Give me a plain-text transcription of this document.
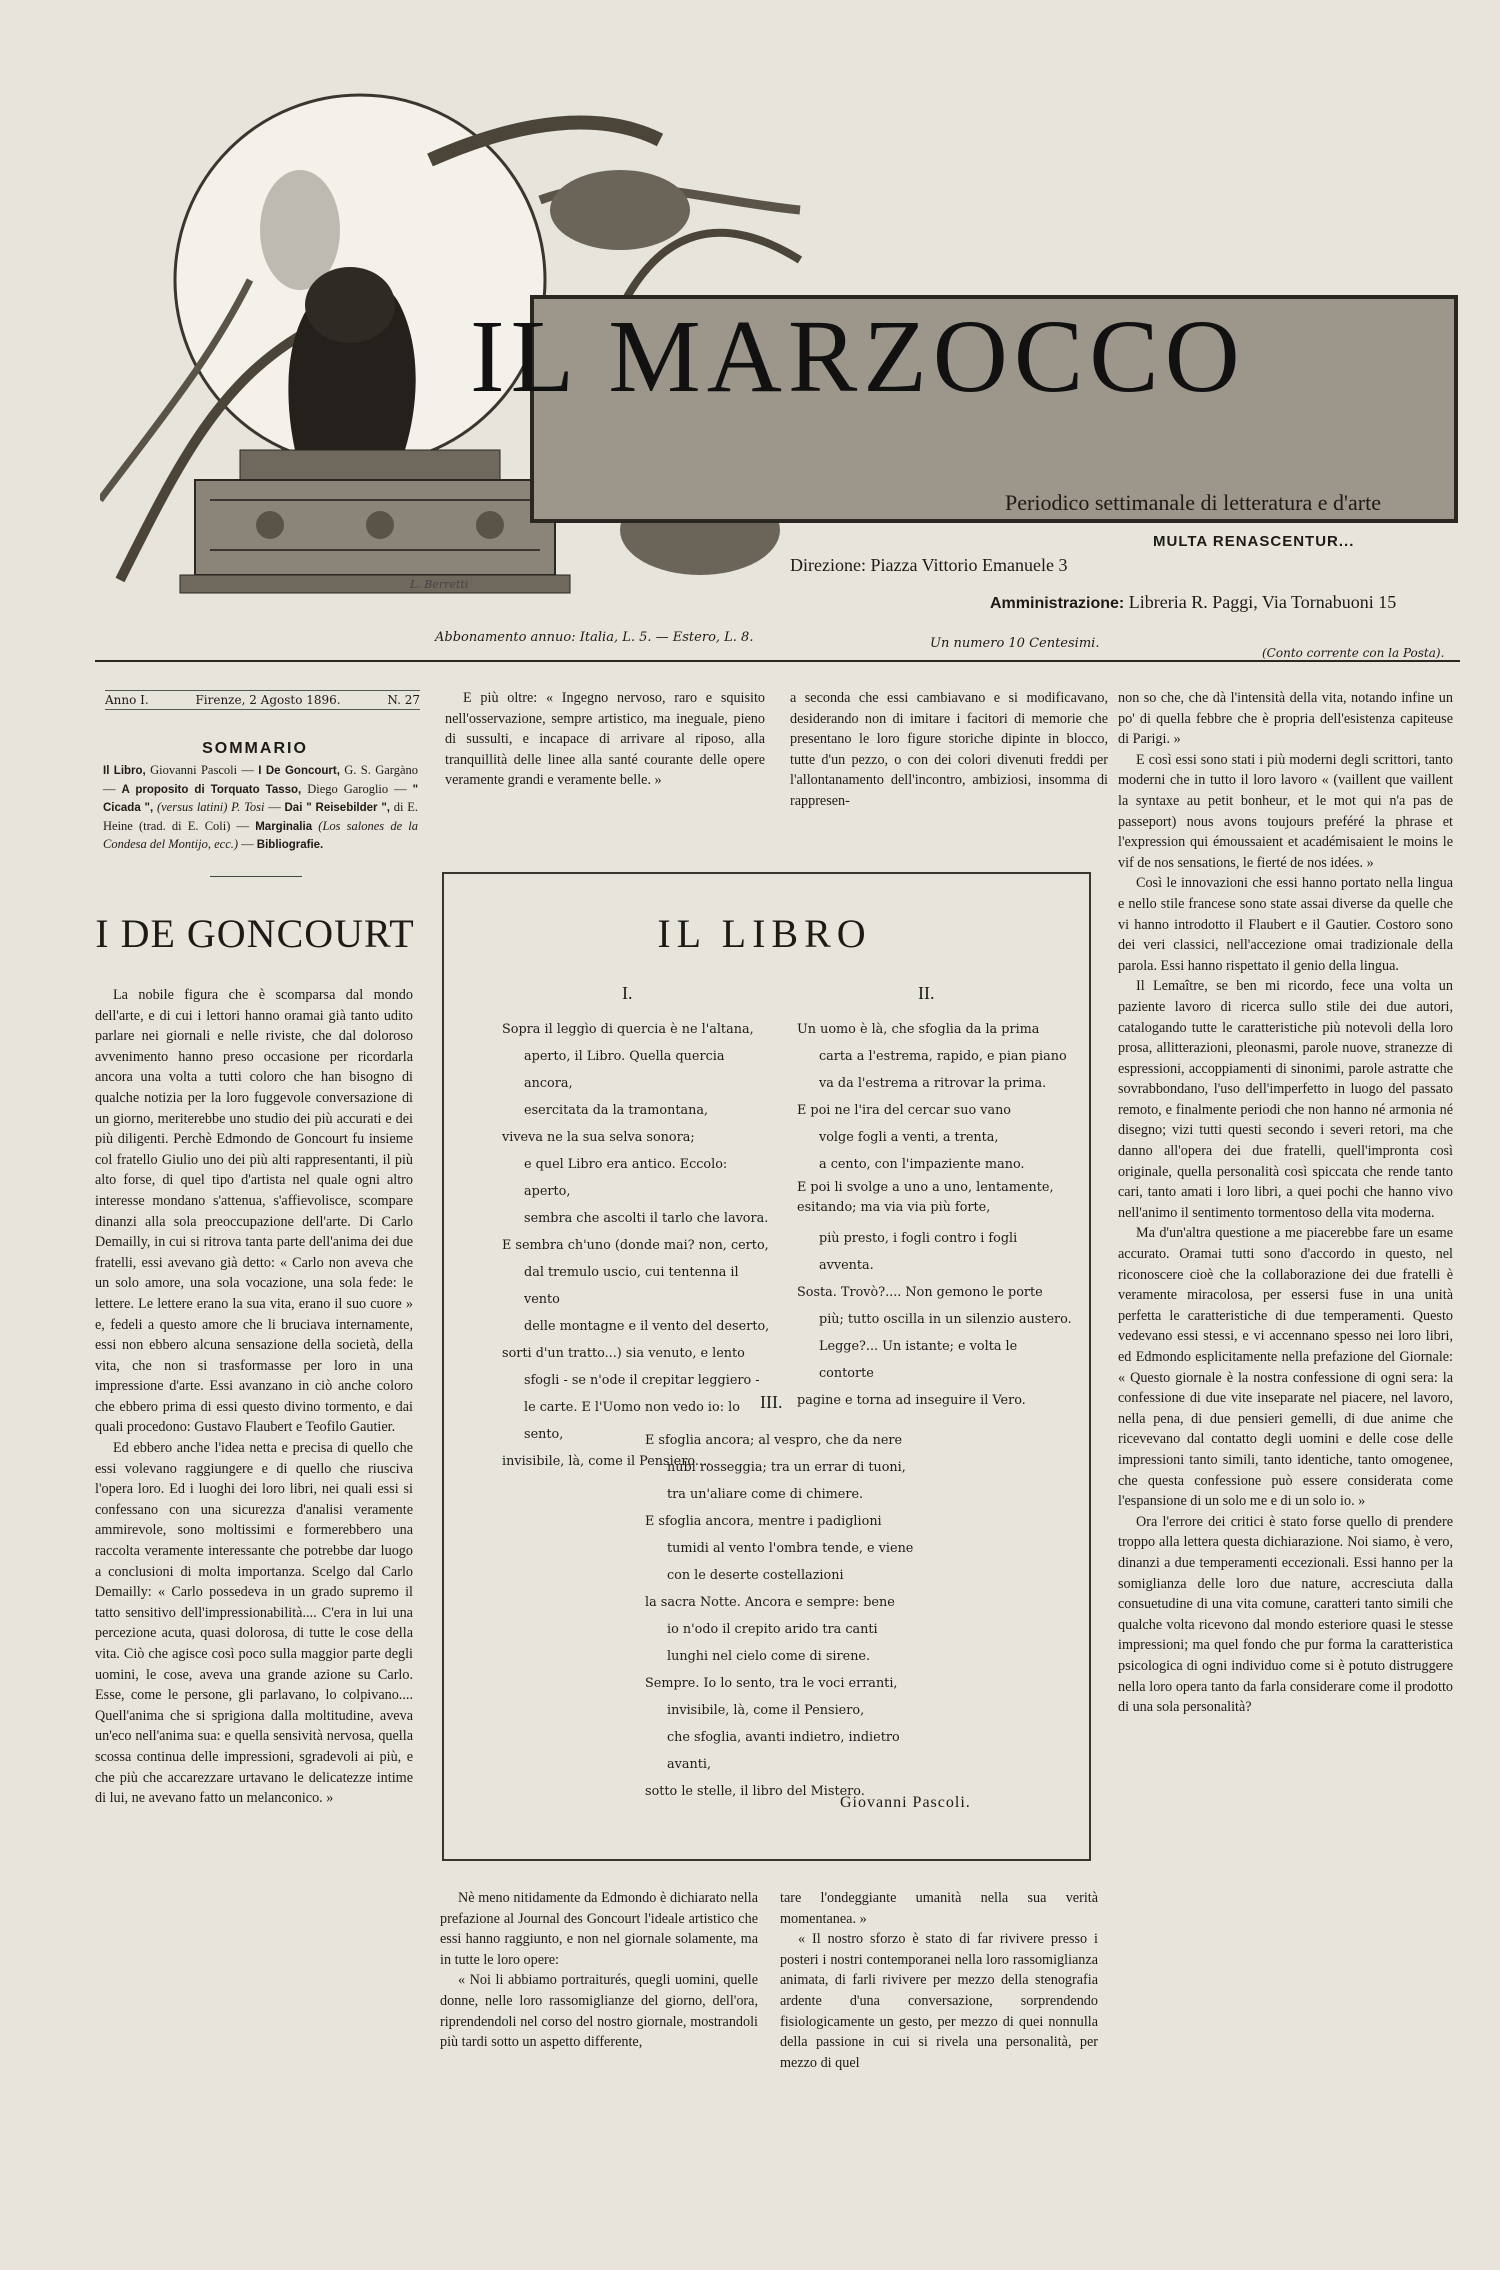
IL MARZOCCO
Periodico settimanale di letteratura e d'arte
MULTA RENASCENTUR...
Direzione: Piazza Vittorio Emanuele 3
Amministrazione: Libreria R. Paggi, Via Tornabuoni 15
L. Berretti
Abbonamento annuo: Italia, L. 5. — Estero, L. 8.	Un numero 10 Centesimi.
(Conto corrente con la Posta).
Anno I.	Firenze, 2 Agosto 1896.	N. 27
SOMMARIO
Il Libro, Giovanni Pascoli — I De Goncourt, G. S. Gargàno — A proposito di Torquato Tasso, Diego Garoglio — " Cicada ", (versus latini) P. Tosi — Dai " Reisebilder ", di E. Heine (trad. di E. Coli) — Marginalia (Los salones de la Condesa del Montijo, ecc.) — Bibliografie.
I DE GONCOURT

La nobile figura che è scomparsa dal mondo dell'arte, e di cui i lettori hanno oramai già tanto udito parlare nei giornali e nelle riviste, che dal doloroso avvenimento hanno preso occasione per ricordarla ancora una volta a tutti coloro che han bisogno di qualche notizia per la loro fuggevole conversazione di un giorno, meriterebbe uno studio dei più accurati e dei più diligenti. Perchè Edmondo de Goncourt fu insieme col fratello Giulio uno dei più alti rappresentanti, il più alto forse, di quel tipo d'artista nel quale ogni altro interesse mondano s'attenua, s'affievolisce, scompare dinanzi alla sola preoccupazione dell'arte. Di Carlo Demailly, in cui si ritrova tanta parte dell'anima dei due fratelli, essi avevano già detto: « Carlo non aveva che un solo amore, una sola vocazione, una sola fede: le lettere. Le lettere erano la sua vita, erano il suo cuore » e, fedeli a questo amore che li bruciava internamente, essi non ebbero alcuna sensazione della società, della vita, che non si trasformasse per loro in una impressione d'arte. Essi avanzano in ciò anche coloro che ebbero prima di essi questo divino tormento, e dai quali procedono: Gustavo Flaubert e Teofilo Gautier.

Ed ebbero anche l'idea netta e precisa di quello che essi volevano raggiungere e di quello che riusciva l'opera loro. Ed i luoghi dei loro libri, nei quali essi si confessano con una sicurezza d'analisi veramente ammirevole, sono moltissimi e formerebbero una raccolta veramente interessante che potrebbe dar luogo a conclusioni di molta importanza. Scelgo dal Carlo Demailly: « Carlo possedeva in un grado supremo il tatto sensitivo dell'impressionabilità.... C'era in lui una percezione acuta, quasi dolorosa, di tutte le cose della vita. Ciò che agisce così poco sulla maggior parte degli uomini, le cose, aveva una grande azione su Carlo. Esse, come le persone, gli parlavano, lo colpivano.... Quell'anima che si sprigiona dalla moltitudine, aveva un'eco nell'anima sua: e quella sensività nervosa, quella scossa continua delle impressioni, sgradevoli ai più, e che più che accarezzare urtavano le delicatezze intime di lui, ne avevano fatto un melanconico. »

E più oltre: « Ingegno nervoso, raro e squisito nell'osservazione, sempre artistico, ma ineguale, pieno di sussulti, e incapace di arrivare al riposo, alla tranquillità delle linee alla santé courante delle opere veramente grandi e veramente belle. »

a seconda che essi cambiavano e si modificavano, desiderando non di imitare i facitori di memorie che presentano le loro figure storiche dipinte in blocco, tutte d'un pezzo, o con dei colori divenuti freddi per l'allontanamento dell'incontro, ambiziosi, insomma di rappresen-

non so che, che dà l'intensità della vita, notando infine un po' di quella febbre che è propria dell'esistenza capiteuse di Parigi. »

E così essi sono stati i più moderni degli scrittori, tanto moderni che in tutto il loro lavoro « (vaillent que vaillent la syntaxe au petit bonheur, et le mot qui n'a pas de passeport) nous avons toujours preféré la phrase et l'expression qui émoussaient et académisaient le moins le vif de nos sensations, le fierté de nos idées. »

Così le innovazioni che essi hanno portato nella lingua e nello stile francese sono state assai diverse da quelle che vi hanno introdotto il Flaubert e il Gautier. Costoro sono dei veri classici, nell'accezione omai tradizionale della parola. Essi hanno rispettato il genio della lingua.

Il Lemaître, se ben mi ricordo, fece una volta un paziente lavoro di ricerca sullo stile dei due autori, catalogando tutte le caratteristiche più notevoli della loro prosa, allitterazioni, pleonasmi, parole nuove, stranezze di espressioni, accoppiamenti di sinonimi, parole astratte che sovrabbondano, l'uso dell'imperfetto in luogo del passato remoto, e finalmente periodi che non hanno né armonia né disegno; vizi tutti questi secondo i severi retori, ma che danno all'opera dei due fratelli, quell'impronta così originale, quella personalità così spiccata che rende tanto cari, tanto amati i loro libri, a quei pochi che hanno vivo nell'animo il sentimento tormentoso della vita moderna.

Ma d'un'altra questione a me piacerebbe fare un esame accurato. Oramai tutti sono d'accordo in questo, nel riconoscere cioè che la collaborazione dei due fratelli è veramente miracolosa, per essersi fuse in una unità perfetta le caratteristiche di due temperamenti. Questo vedevano essi stessi, e vi accennano spesso nei loro libri, ed Edmondo esplicitamente nella prefazione del Giornale: « Questo giornale è la nostra confessione di ogni sera: la confessione di due vite inseparate nel piacere, nel lavoro, nella pena, di due pensieri gemelli, di due anime che ricevevano dal contatto degli uomini e delle cose delle impressioni tanto simili, tanto identiche, tanto omogenee, che questa confessione può essere considerata come l'espansione di un solo me e di un solo io. »

Ora l'errore dei critici è stato forse quello di prendere troppo alla lettera questa dichiarazione. Noi siamo, è vero, dinanzi a due temperamenti eccezionali. Essi hanno per la somiglianza delle loro due nature, accresciuta dalla consuetudine di una vita comune, caratteri tanto simili che qualche volta ricevono dal mondo esteriore quasi le stesse impressioni; ma quel fondo che pur forma la caratteristica psicologica di ogni individuo come si è potuto distruggere nella loro opera tanto da farla considerare come il prodotto di una sola personalità?

Nè meno nitidamente da Edmondo è dichiarato nella prefazione al Journal des Goncourt l'ideale artistico che essi hanno raggiunto, e non nel giornale solamente, ma in tutte le loro opere:

« Noi li abbiamo portraiturés, quegli uomini, quelle donne, nelle loro rassomiglianze del giorno, dell'ora, riprendendoli nel corso del nostro giornale, mostrandoli più tardi sotto un aspetto differente,

tare l'ondeggiante umanità nella sua verità momentanea. »

« Il nostro sforzo è stato di far rivivere presso i posteri i nostri contemporanei nella loro rassomiglianza animata, di farli rivivere per mezzo della stenografia ardente d'una conversazione, sorprendendo fisiologicamente un gesto, per mezzo di quei nonnulla della passione in cui si rivela una personalità, per mezzo di quel

IL LIBRO
I.	II.
III.
Sopra il leggìo di quercia è ne l'altana,
aperto, il Libro. Quella quercia ancora,
esercitata da la tramontana,
viveva ne la sua selva sonora;
e quel Libro era antico. Eccolo: aperto,
sembra che ascolti il tarlo che lavora.
E sembra ch'uno (donde mai? non, certo,
dal tremulo uscio, cui tentenna il vento
delle montagne e il vento del deserto,
sorti d'un tratto...) sia venuto, e lento
sfogli - se n'ode il crepitar leggiero -
le carte. E l'Uomo non vedo io: lo sento,
invisibile, là, come il Pensiero....
Un uomo è là, che sfoglia da la prima
carta a l'estrema, rapido, e pian piano
va da l'estrema a ritrovar la prima.
E poi ne l'ira del cercar suo vano
volge fogli a venti, a trenta,
a cento, con l'impaziente mano.
E poi li svolge a uno a uno, lentamente, esitando; ma via via più forte,
più presto, i fogli contro i fogli avventa.
Sosta. Trovò?.... Non gemono le porte
più; tutto oscilla in un silenzio austero.
Legge?... Un istante; e volta le contorte
pagine e torna ad inseguire il Vero.
E sfoglia ancora; al vespro, che da nere
nubi rosseggia; tra un errar di tuoni,
tra un'aliare come di chimere.
E sfoglia ancora, mentre i padiglioni
tumidi al vento l'ombra tende, e viene
con le deserte costellazioni
la sacra Notte. Ancora e sempre: bene
io n'odo il crepito arido tra canti
lunghi nel cielo come di sirene.
Sempre. Io lo sento, tra le voci erranti,
invisibile, là, come il Pensiero,
che sfoglia, avanti indietro, indietro avanti,
sotto le stelle, il libro del Mistero.
Giovanni Pascoli.
